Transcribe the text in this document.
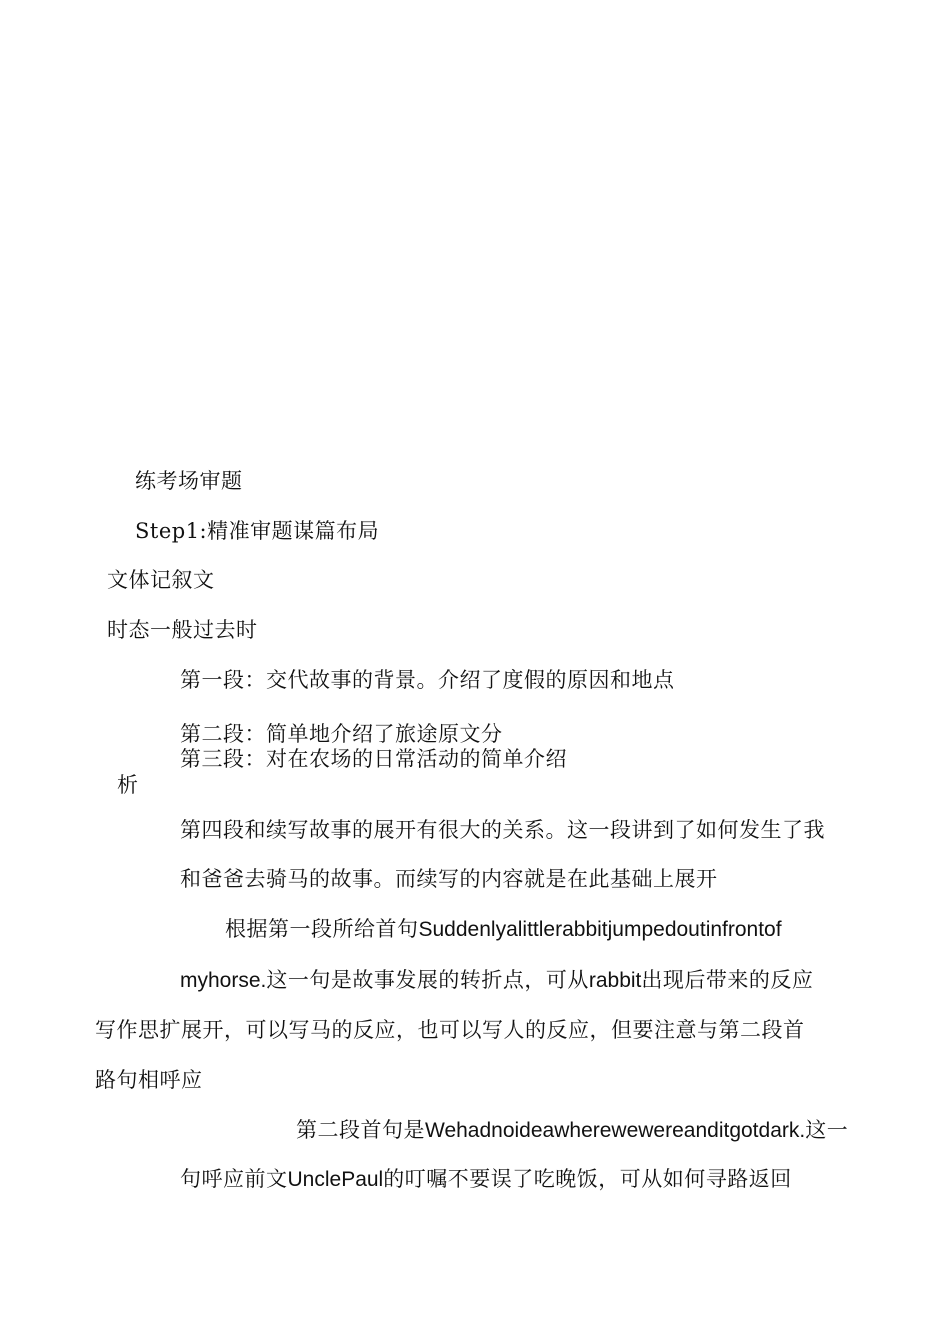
练考场审题
Step1:精准审题谋篇布局
文体记叙文
时态一般过去时
第一段：交代故事的背景。介绍了度假的原因和地点
第二段：简单地介绍了旅途原文分
第三段：对在农场的日常活动的简单介绍
析
第四段和续写故事的展开有很大的关系。这一段讲到了如何发生了我
和爸爸去骑马的故事。而续写的内容就是在此基础上展开
根据第一段所给首句Suddenlyalittlerabbitjumpedoutinfrontof
myhorse.这一句是故事发展的转折点，可从rabbit出现后带来的反应
写作思扩展开，可以写马的反应，也可以写人的反应，但要注意与第二段首
路句相呼应
第二段首句是Wehadnoideawherewewereanditgotdark.这一
句呼应前文UnclePaul的叮嘱不要误了吃晚饭，可从如何寻路返回
